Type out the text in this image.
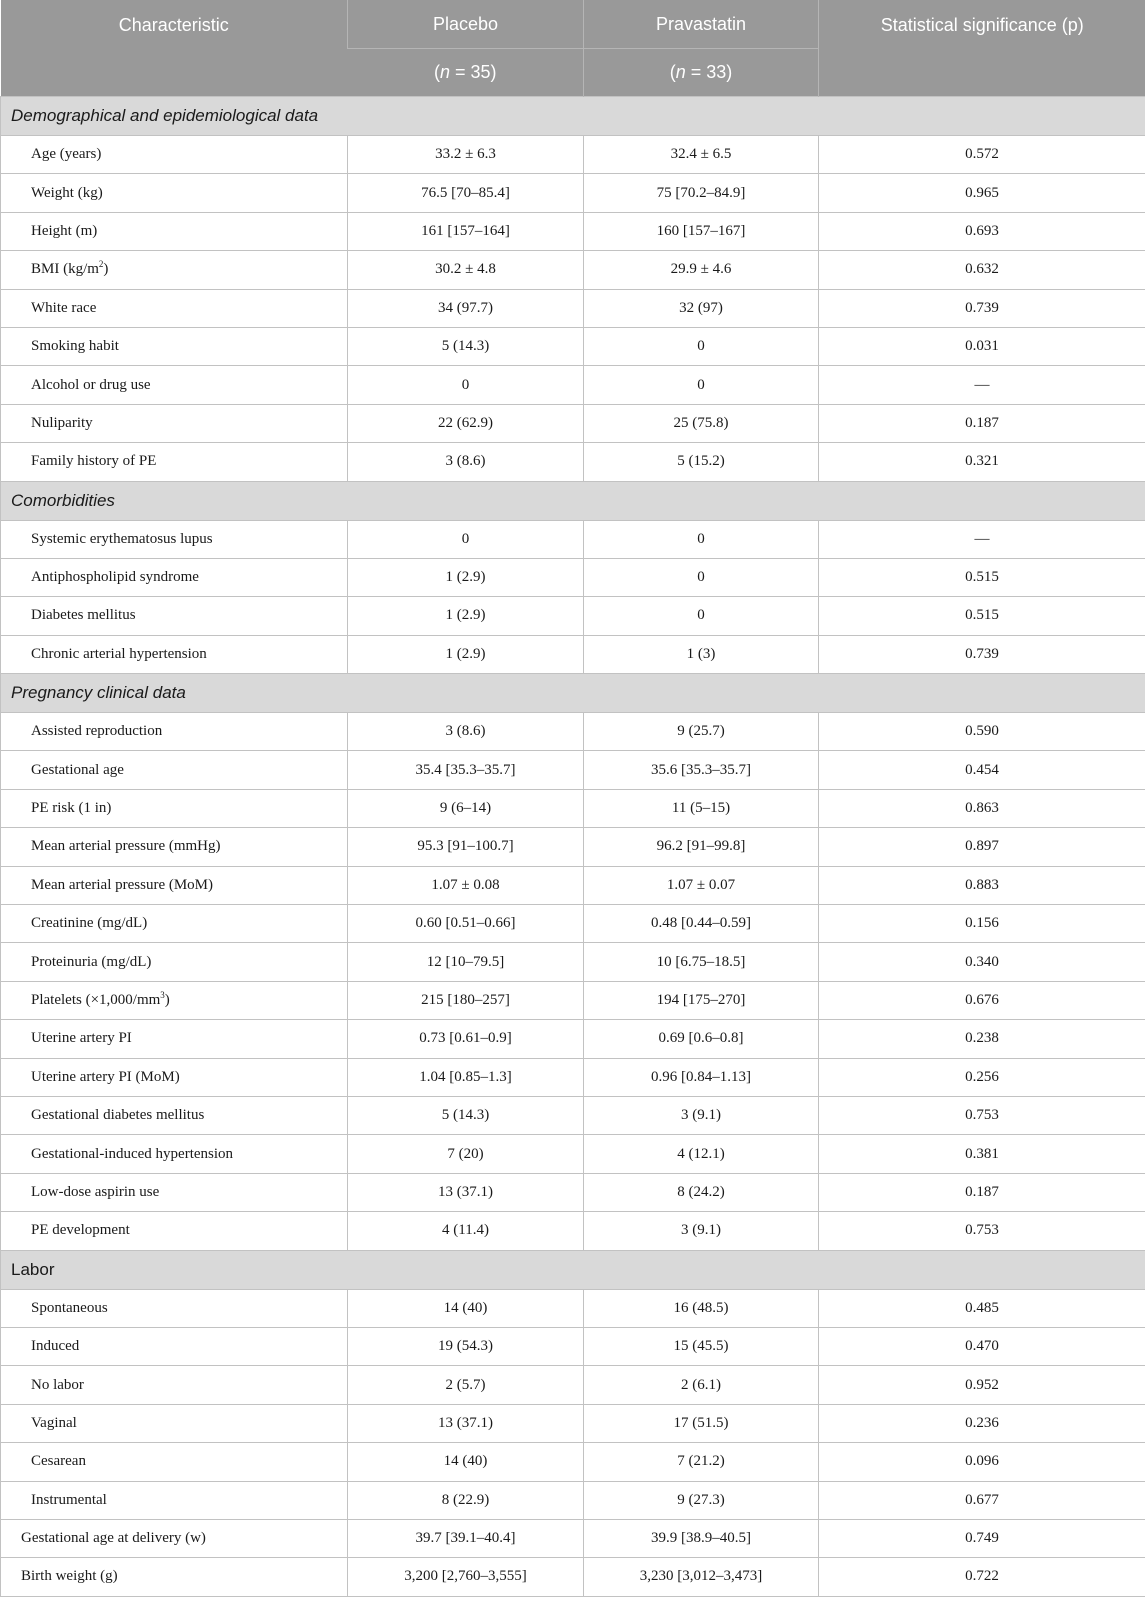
Characteristic	Placebo	Pravastatin	Statistical significance (p)
	(n = 35)	(n = 33)	
Demographical and epidemiological data			
Age (years)	33.2 ± 6.3	32.4 ± 6.5	0.572
Weight (kg)	76.5 [70–85.4]	75 [70.2–84.9]	0.965
Height (m)	161 [157–164]	160 [157–167]	0.693
BMI $(kg/m^2)$	30.2 ± 4.8	29.9 ± 4.6	0.632
White race	34 (97.7)	32 (97)	0.739
Smoking habit	5 (14.3)	0	0.031
Alcohol or drug use	0	0	—
Nuliparity	22 (62.9)	25 (75.8)	0.187
Family history of PE	3 (8.6)	5 (15.2)	0.321
Comorbidities			
Systemic erythematosus lupus	0	0	—
Antiphospholipid syndrome	1 (2.9)	0	0.515
Diabetes mellitus	1 (2.9)	0	0.515
Chronic arterial hypertension	1 (2.9)	1 (3)	0.739
Pregnancy clinical data			
Assisted reproduction	3 (8.6)	9 (25.7)	0.590
Gestational age	35.4 [35.3–35.7]	35.6 [35.3–35.7]	0.454
PE risk (1 in)	9 (6–14)	11 (5–15)	0.863
Mean arterial pressure (mmHg)	95.3 [91–100.7]	96.2 [91–99.8]	0.897
Mean arterial pressure (MoM)	1.07 ± 0.08	1.07 ± 0.07	0.883
Creatinine (mg/dL)	0.60 [0.51–0.66]	0.48 [0.44–0.59]	0.156
Proteinuria (mg/dL)	12 [10–79.5]	10 [6.75–18.5]	0.340
Platelets $(\times 1,000/mm^3)$	215 [180–257]	194 [175–270]	0.676
Uterine artery PI	0.73 [0.61–0.9]	0.69 [0.6–0.8]	0.238
Uterine artery PI (MoM)	1.04 [0.85–1.3]	0.96 [0.84–1.13]	0.256
Gestational diabetes mellitus	5 (14.3)	3 (9.1)	0.753
Gestational-induced hypertension	7 (20)	4 (12.1)	0.381
Low-dose aspirin use	13 (37.1)	8 (24.2)	0.187
PE development	4 (11.4)	3 (9.1)	0.753
Labor			
Spontaneous	14 (40)	16 (48.5)	0.485
Induced	19 (54.3)	15 (45.5)	0.470
No labor	2 (5.7)	2 (6.1)	0.952
Vaginal	13 (37.1)	17 (51.5)	0.236
Cesarean	14 (40)	7 (21.2)	0.096
Instrumental	8 (22.9)	9 (27.3)	0.677
Gestational age at delivery (w)	39.7 [39.1–40.4]	39.9 [38.9–40.5]	0.749
Birth weight (g)	3,200 [2,760–3,555]	3,230 [3,012–3,473]	0.722
